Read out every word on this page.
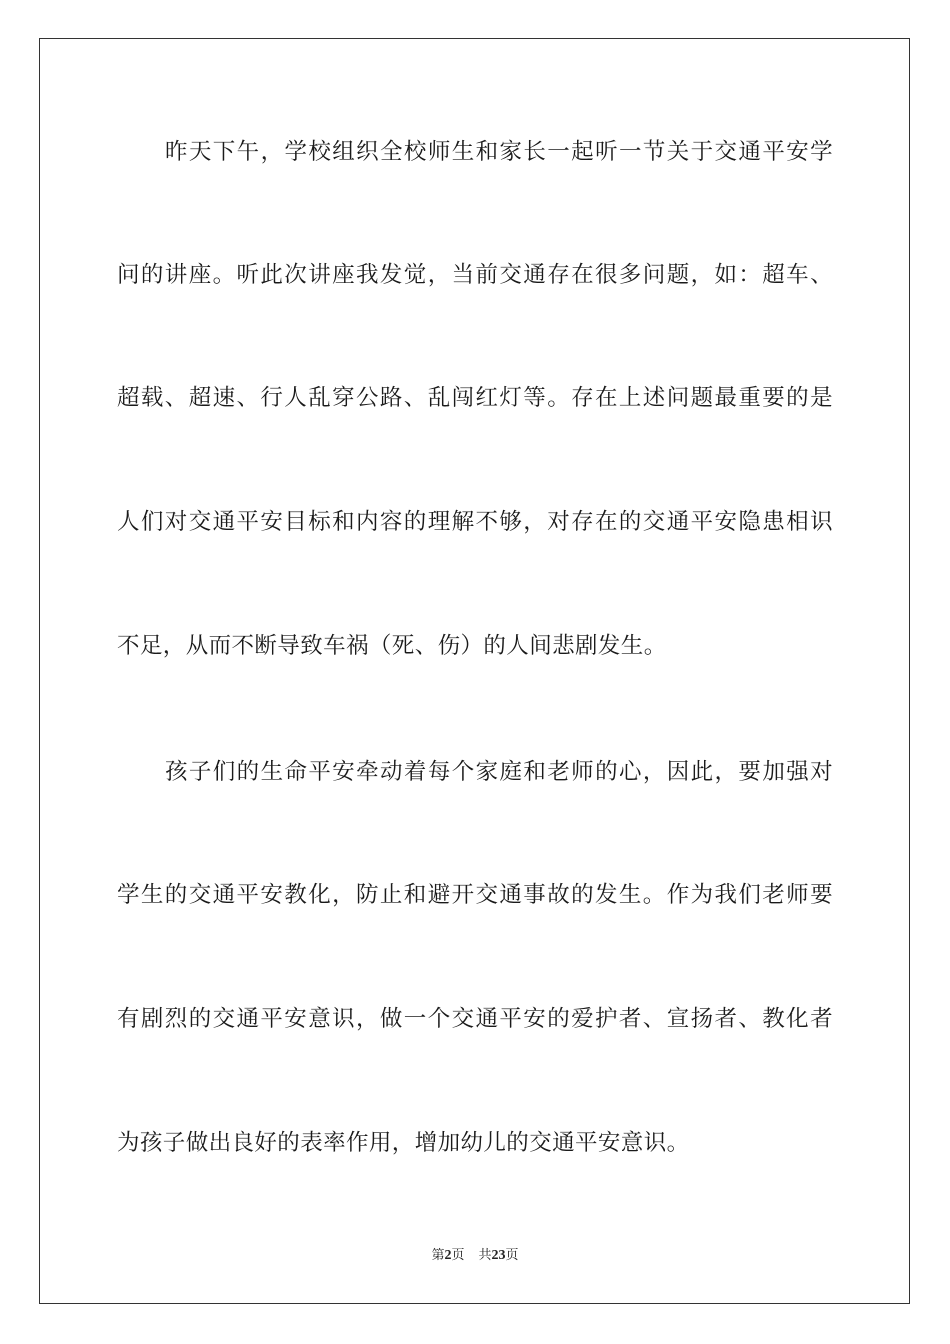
昨天下午，学校组织全校师生和家长一起听一节关于交通平安学
问的讲座。听此次讲座我发觉，当前交通存在很多问题，如：超车、
超载、超速、行人乱穿公路、乱闯红灯等。存在上述问题最重要的是
人们对交通平安目标和内容的理解不够，对存在的交通平安隐患相识
不足，从而不断导致车祸（死、伤）的人间悲剧发生。
孩子们的生命平安牵动着每个家庭和老师的心，因此，要加强对
学生的交通平安教化，防止和避开交通事故的发生。作为我们老师要
有剧烈的交通平安意识，做一个交通平安的爱护者、宣扬者、教化者
为孩子做出良好的表率作用，增加幼儿的交通平安意识。
第2页 共23页
